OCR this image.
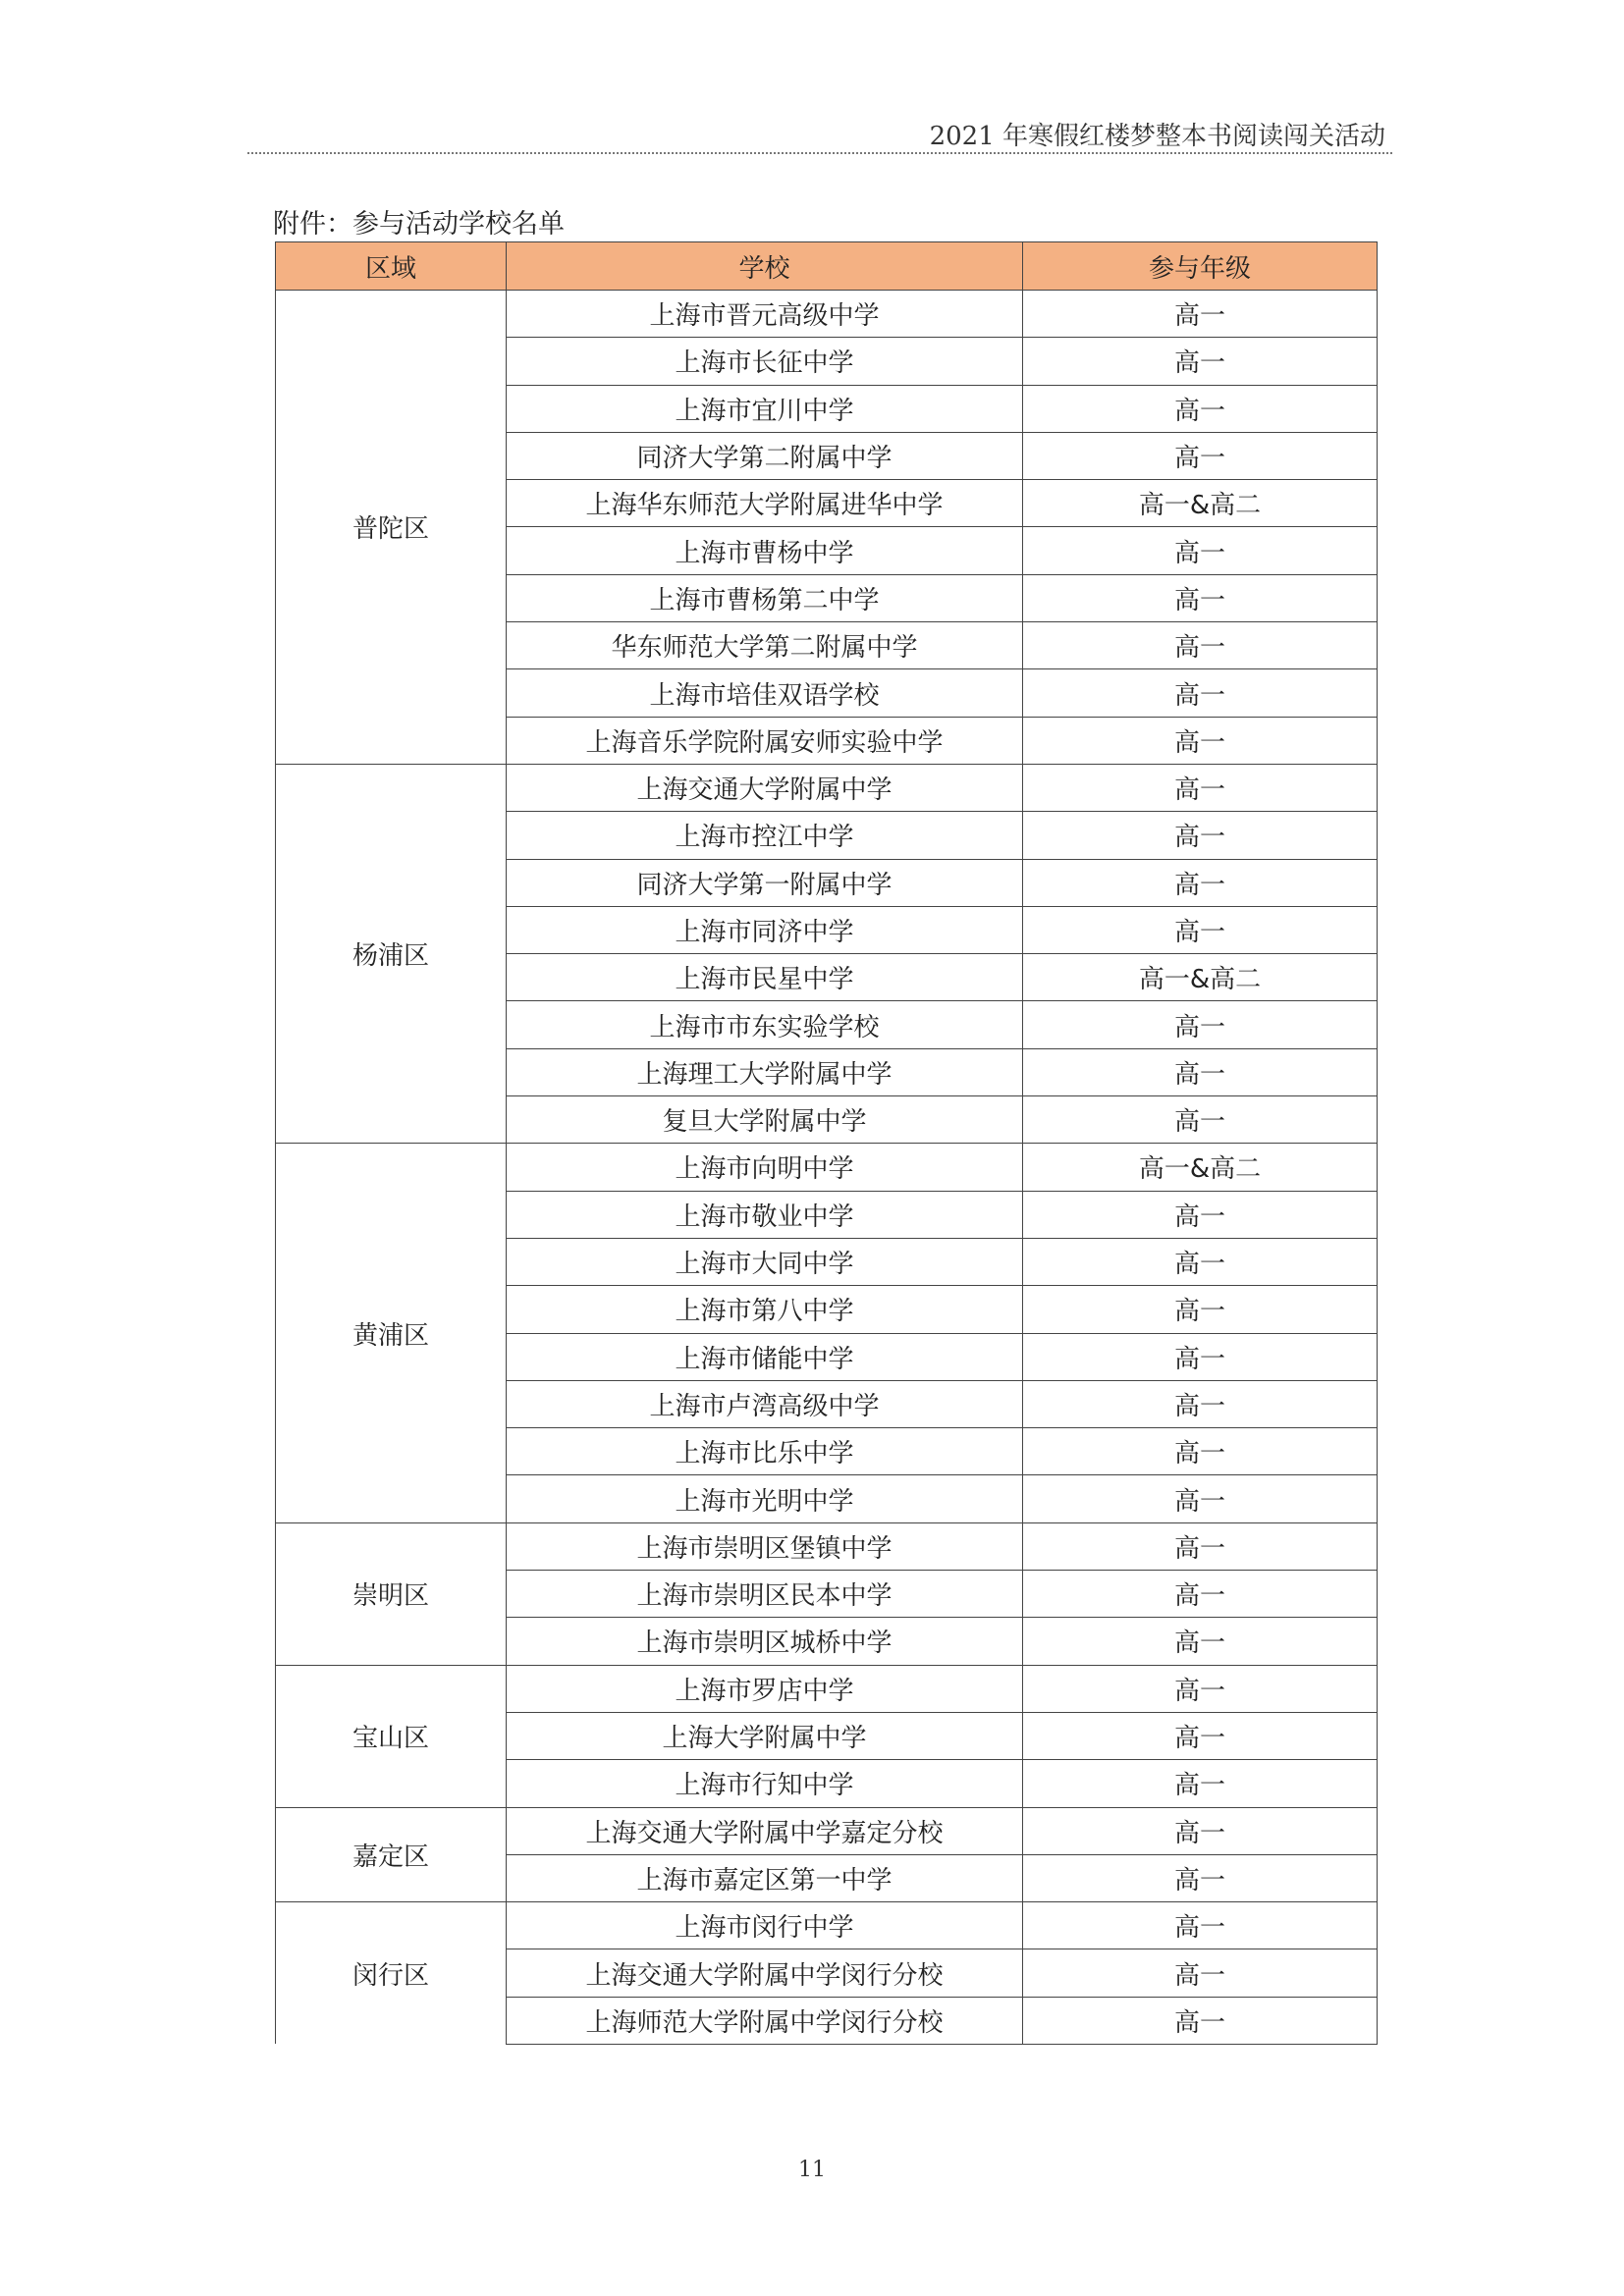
2021 年寒假红楼梦整本书阅读闯关活动
附件：参与活动学校名单
区域	学校	参与年级
普陀区	上海市晋元高级中学	高一
	上海市长征中学	高一
	上海市宜川中学	高一
	同济大学第二附属中学	高一
	上海华东师范大学附属进华中学	高一&高二
	上海市曹杨中学	高一
	上海市曹杨第二中学	高一
	华东师范大学第二附属中学	高一
	上海市培佳双语学校	高一
	上海音乐学院附属安师实验中学	高一
杨浦区	上海交通大学附属中学	高一
	上海市控江中学	高一
	同济大学第一附属中学	高一
	上海市同济中学	高一
	上海市民星中学	高一&高二
	上海市市东实验学校	高一
	上海理工大学附属中学	高一
	复旦大学附属中学	高一
黄浦区	上海市向明中学	高一&高二
	上海市敬业中学	高一
	上海市大同中学	高一
	上海市第八中学	高一
	上海市储能中学	高一
	上海市卢湾高级中学	高一
	上海市比乐中学	高一
	上海市光明中学	高一
崇明区	上海市崇明区堡镇中学	高一
	上海市崇明区民本中学	高一
	上海市崇明区城桥中学	高一
宝山区	上海市罗店中学	高一
	上海大学附属中学	高一
	上海市行知中学	高一
嘉定区	上海交通大学附属中学嘉定分校	高一
	上海市嘉定区第一中学	高一
闵行区	上海市闵行中学	高一
	上海交通大学附属中学闵行分校	高一
	上海师范大学附属中学闵行分校	高一
11
